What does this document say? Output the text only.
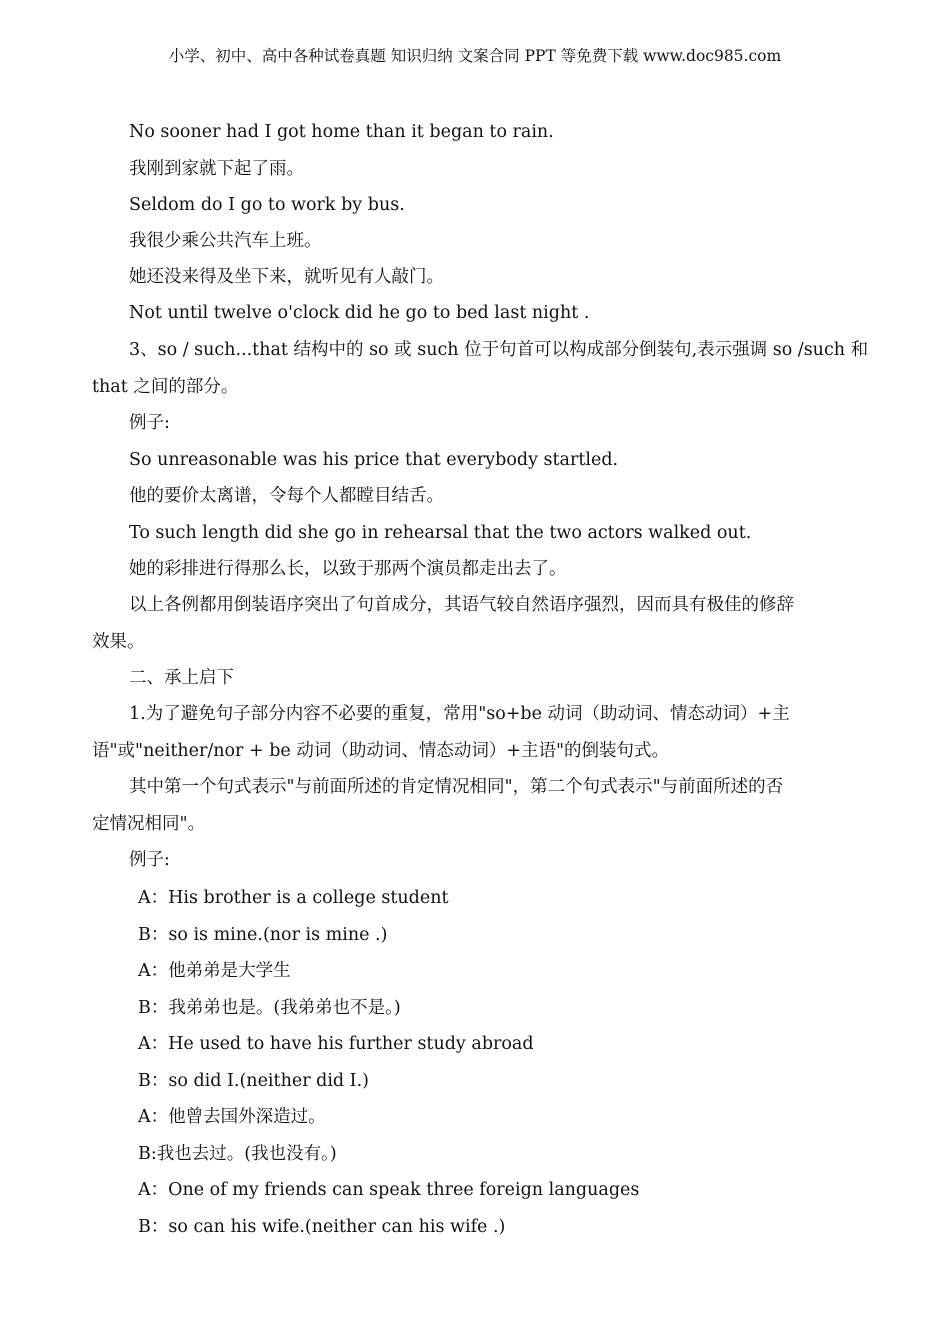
小学、初中、高中各种试卷真题 知识归纳 文案合同 PPT 等免费下载 www.doc985.com
No sooner had I got home than it began to rain.
我刚到家就下起了雨。
Seldom do I go to work by bus.
我很少乘公共汽车上班。
她还没来得及坐下来，就听见有人敲门。
Not until twelve o'clock did he go to bed last night .
3、so / such...that 结构中的 so 或 such 位于句首可以构成部分倒装句,表示强调 so /such 和
that 之间的部分。
例子:
So unreasonable was his price that everybody startled.
他的要价太离谱，令每个人都瞠目结舌。
To such length did she go in rehearsal that the two actors walked out.
她的彩排进行得那么长，以致于那两个演员都走出去了。
以上各例都用倒装语序突出了句首成分，其语气较自然语序强烈，因而具有极佳的修辞
效果。
二、承上启下
1.为了避免句子部分内容不必要的重复，常用"so+be 动词（助动词、情态动词）+主
语"或"neither/nor + be 动词（助动词、情态动词）+主语"的倒装句式。
其中第一个句式表示"与前面所述的肯定情况相同"，第二个句式表示"与前面所述的否
定情况相同"。
例子:
A：His brother is a college student
B：so is mine.(nor is mine .)
A：他弟弟是大学生
B：我弟弟也是。(我弟弟也不是。)
A：He used to have his further study abroad
B：so did I.(neither did I.)
A：他曾去国外深造过。
B:我也去过。(我也没有。)
A：One of my friends can speak three foreign languages
B：so can his wife.(neither can his wife .)
